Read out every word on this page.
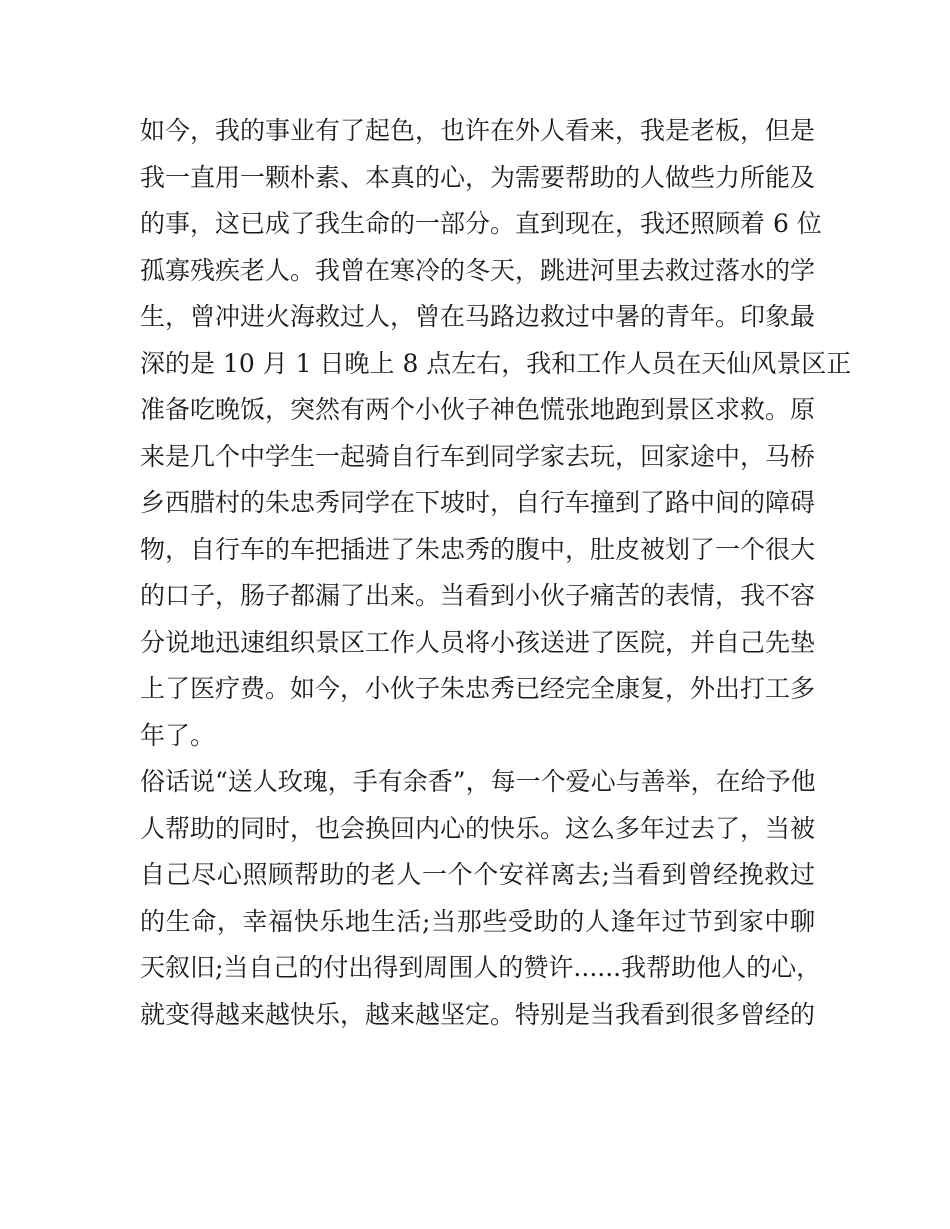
如今，我的事业有了起色，也许在外人看来，我是老板，但是
我一直用一颗朴素、本真的心，为需要帮助的人做些力所能及
的事，这已成了我生命的一部分。直到现在，我还照顾着 6 位
孤寡残疾老人。我曾在寒冷的冬天，跳进河里去救过落水的学
生，曾冲进火海救过人，曾在马路边救过中暑的青年。印象最
深的是 10 月 1 日晚上 8 点左右，我和工作人员在天仙风景区正
准备吃晚饭，突然有两个小伙子神色慌张地跑到景区求救。原
来是几个中学生一起骑自行车到同学家去玩，回家途中，马桥
乡西腊村的朱忠秀同学在下坡时，自行车撞到了路中间的障碍
物，自行车的车把插进了朱忠秀的腹中，肚皮被划了一个很大
的口子，肠子都漏了出来。当看到小伙子痛苦的表情，我不容
分说地迅速组织景区工作人员将小孩送进了医院，并自己先垫
上了医疗费。如今，小伙子朱忠秀已经完全康复，外出打工多
年了。
俗话说“送人玫瑰，手有余香”，每一个爱心与善举，在给予他
人帮助的同时，也会换回内心的快乐。这么多年过去了，当被
自己尽心照顾帮助的老人一个个安祥离去;当看到曾经挽救过
的生命，幸福快乐地生活;当那些受助的人逢年过节到家中聊
天叙旧;当自己的付出得到周围人的赞许......我帮助他人的心，
就变得越来越快乐，越来越坚定。特别是当我看到很多曾经的
